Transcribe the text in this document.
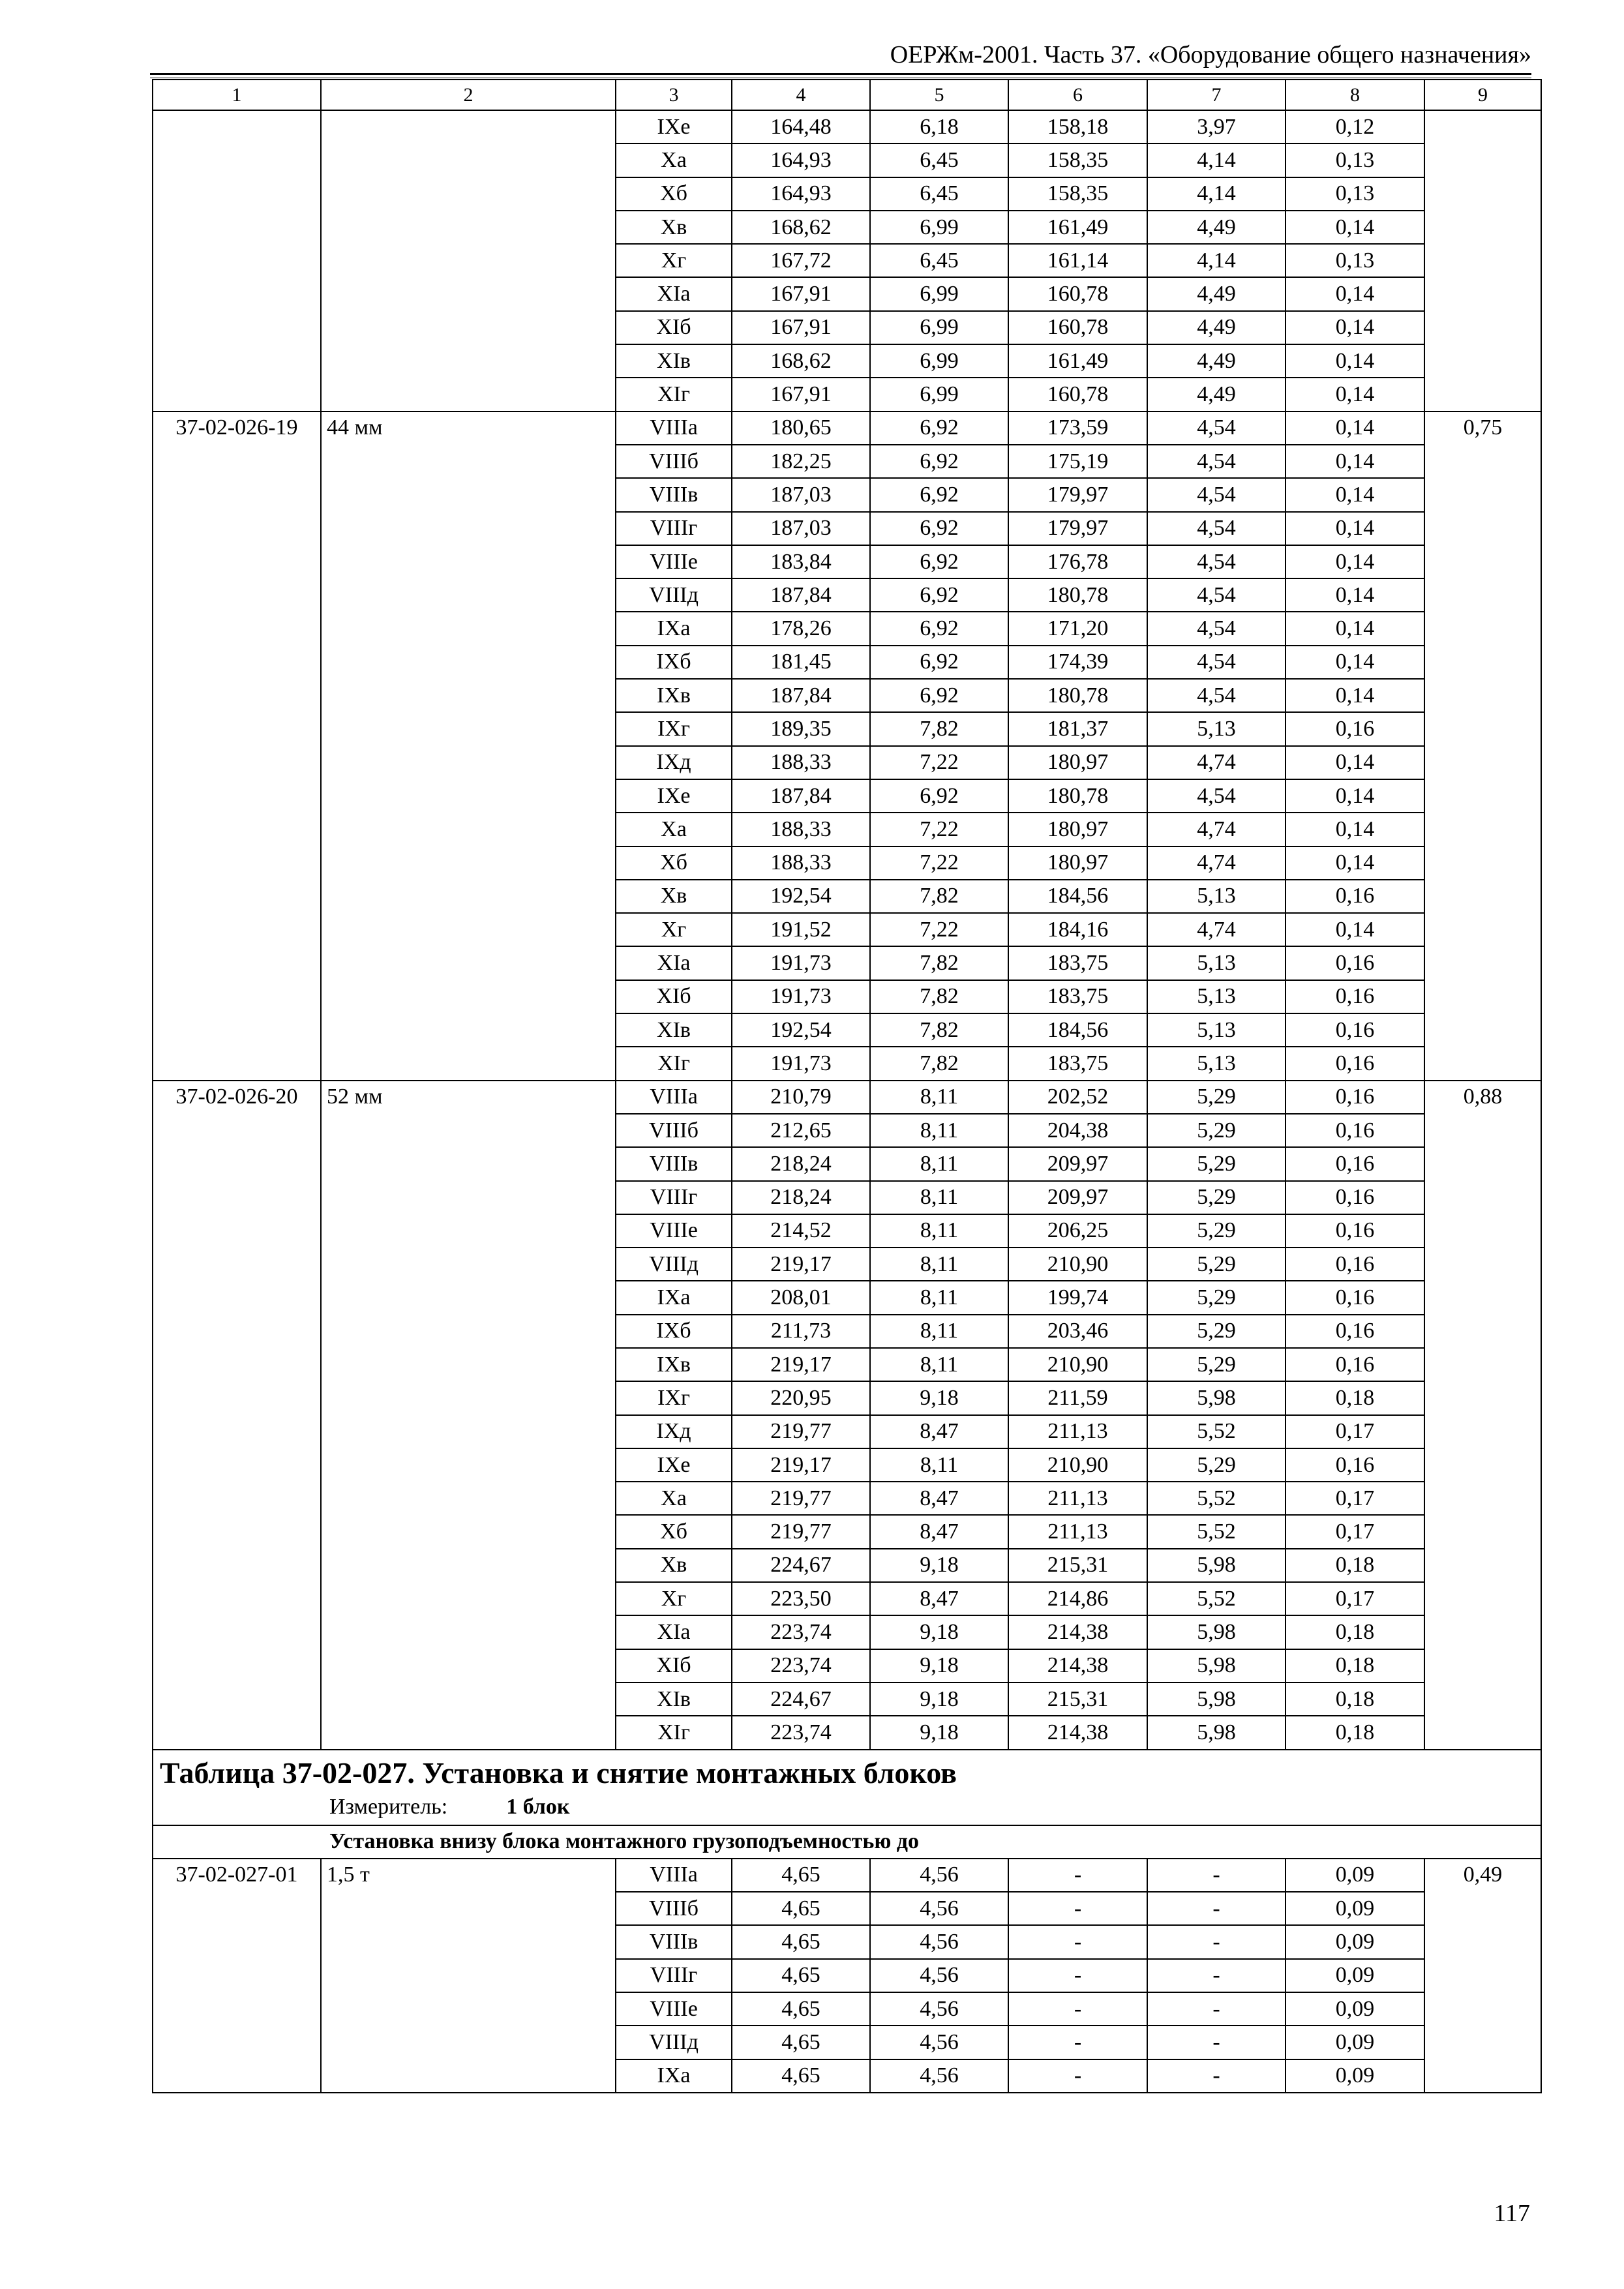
ОЕРЖм-2001. Часть 37. «Оборудование общего назначения»
1	2	3	4	5	6	7	8	9
		IXе	164,48	6,18	158,18	3,97	0,12	
		Xа	164,93	6,45	158,35	4,14	0,13	
		Xб	164,93	6,45	158,35	4,14	0,13	
		Xв	168,62	6,99	161,49	4,49	0,14	
		Xг	167,72	6,45	161,14	4,14	0,13	
		XIа	167,91	6,99	160,78	4,49	0,14	
		XIб	167,91	6,99	160,78	4,49	0,14	
		XIв	168,62	6,99	161,49	4,49	0,14	
		XIг	167,91	6,99	160,78	4,49	0,14	
37-02-026-19	44 мм	VIIIа	180,65	6,92	173,59	4,54	0,14	0,75
		VIIIб	182,25	6,92	175,19	4,54	0,14	
		VIIIв	187,03	6,92	179,97	4,54	0,14	
		VIIIг	187,03	6,92	179,97	4,54	0,14	
		VIIIе	183,84	6,92	176,78	4,54	0,14	
		VIIIд	187,84	6,92	180,78	4,54	0,14	
		IXа	178,26	6,92	171,20	4,54	0,14	
		IXб	181,45	6,92	174,39	4,54	0,14	
		IXв	187,84	6,92	180,78	4,54	0,14	
		IXг	189,35	7,82	181,37	5,13	0,16	
		IXд	188,33	7,22	180,97	4,74	0,14	
		IXе	187,84	6,92	180,78	4,54	0,14	
		Xа	188,33	7,22	180,97	4,74	0,14	
		Xб	188,33	7,22	180,97	4,74	0,14	
		Xв	192,54	7,82	184,56	5,13	0,16	
		Xг	191,52	7,22	184,16	4,74	0,14	
		XIа	191,73	7,82	183,75	5,13	0,16	
		XIб	191,73	7,82	183,75	5,13	0,16	
		XIв	192,54	7,82	184,56	5,13	0,16	
		XIг	191,73	7,82	183,75	5,13	0,16	
37-02-026-20	52 мм	VIIIа	210,79	8,11	202,52	5,29	0,16	0,88
		VIIIб	212,65	8,11	204,38	5,29	0,16	
		VIIIв	218,24	8,11	209,97	5,29	0,16	
		VIIIг	218,24	8,11	209,97	5,29	0,16	
		VIIIе	214,52	8,11	206,25	5,29	0,16	
		VIIIд	219,17	8,11	210,90	5,29	0,16	
		IXа	208,01	8,11	199,74	5,29	0,16	
		IXб	211,73	8,11	203,46	5,29	0,16	
		IXв	219,17	8,11	210,90	5,29	0,16	
		IXг	220,95	9,18	211,59	5,98	0,18	
		IXд	219,77	8,47	211,13	5,52	0,17	
		IXе	219,17	8,11	210,90	5,29	0,16	
		Xа	219,77	8,47	211,13	5,52	0,17	
		Xб	219,77	8,47	211,13	5,52	0,17	
		Xв	224,67	9,18	215,31	5,98	0,18	
		Xг	223,50	8,47	214,86	5,52	0,17	
		XIа	223,74	9,18	214,38	5,98	0,18	
		XIб	223,74	9,18	214,38	5,98	0,18	
		XIв	224,67	9,18	215,31	5,98	0,18	
		XIг	223,74	9,18	214,38	5,98	0,18	

Таблица 37-02-027. Установка и снятие монтажных блоков
Измеритель: 1 блок								

Установка внизу блока монтажного грузоподъемностью до								
37-02-027-01	1,5 т	VIIIа	4,65	4,56	-	-	0,09	0,49
		VIIIб	4,65	4,56	-	-	0,09	
		VIIIв	4,65	4,56	-	-	0,09	
		VIIIг	4,65	4,56	-	-	0,09	
		VIIIе	4,65	4,56	-	-	0,09	
		VIIIд	4,65	4,56	-	-	0,09	
		IXа	4,65	4,56	-	-	0,09	
117
